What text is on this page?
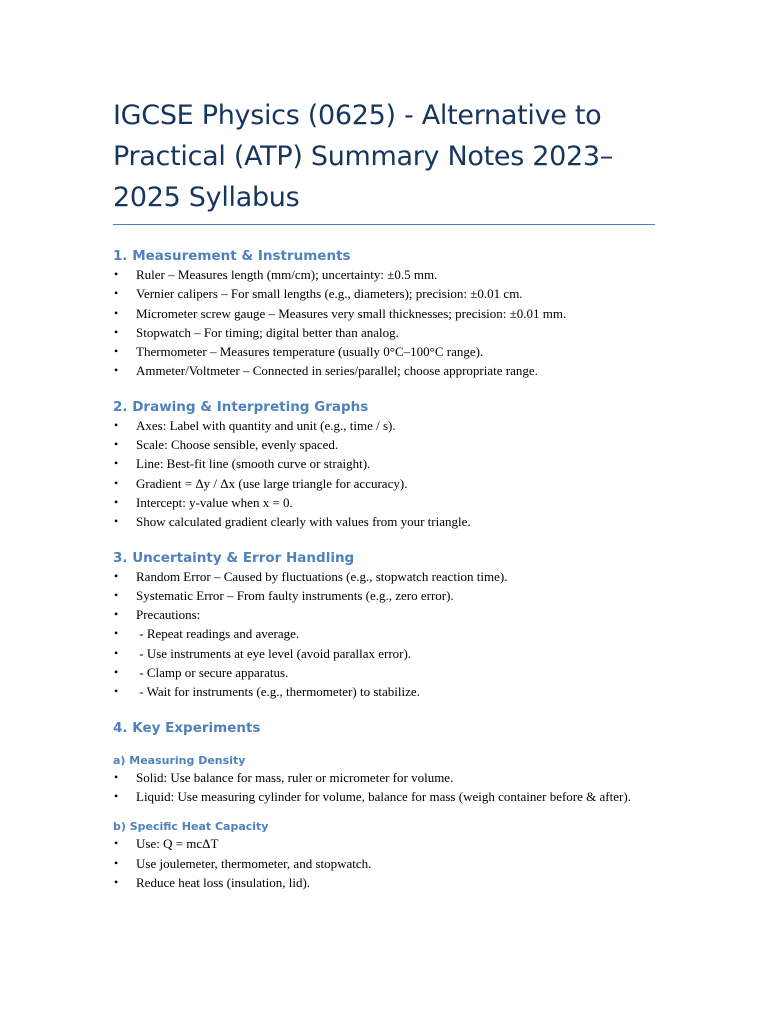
IGCSE Physics (0625) - Alternative to Practical (ATP) Summary Notes 2023–2025 Syllabus
1. Measurement & Instruments
• Ruler – Measures length (mm/cm); uncertainty: ±0.5 mm.
• Vernier calipers – For small lengths (e.g., diameters); precision: ±0.01 cm.
• Micrometer screw gauge – Measures very small thicknesses; precision: ±0.01 mm.
• Stopwatch – For timing; digital better than analog.
• Thermometer – Measures temperature (usually 0°C–100°C range).
• Ammeter/Voltmeter – Connected in series/parallel; choose appropriate range.
2. Drawing & Interpreting Graphs
• Axes: Label with quantity and unit (e.g., time / s).
• Scale: Choose sensible, evenly spaced.
• Line: Best-fit line (smooth curve or straight).
• Gradient = Δy / Δx (use large triangle for accuracy).
• Intercept: y-value when x = 0.
• Show calculated gradient clearly with values from your triangle.
3. Uncertainty & Error Handling
• Random Error – Caused by fluctuations (e.g., stopwatch reaction time).
• Systematic Error – From faulty instruments (e.g., zero error).
• Precautions:
• - Repeat readings and average.
• - Use instruments at eye level (avoid parallax error).
• - Clamp or secure apparatus.
• - Wait for instruments (e.g., thermometer) to stabilize.
4. Key Experiments
a) Measuring Density
• Solid: Use balance for mass, ruler or micrometer for volume.
• Liquid: Use measuring cylinder for volume, balance for mass (weigh container before & after).
b) Specific Heat Capacity
• Use: Q = mcΔT
• Use joulemeter, thermometer, and stopwatch.
• Reduce heat loss (insulation, lid).
